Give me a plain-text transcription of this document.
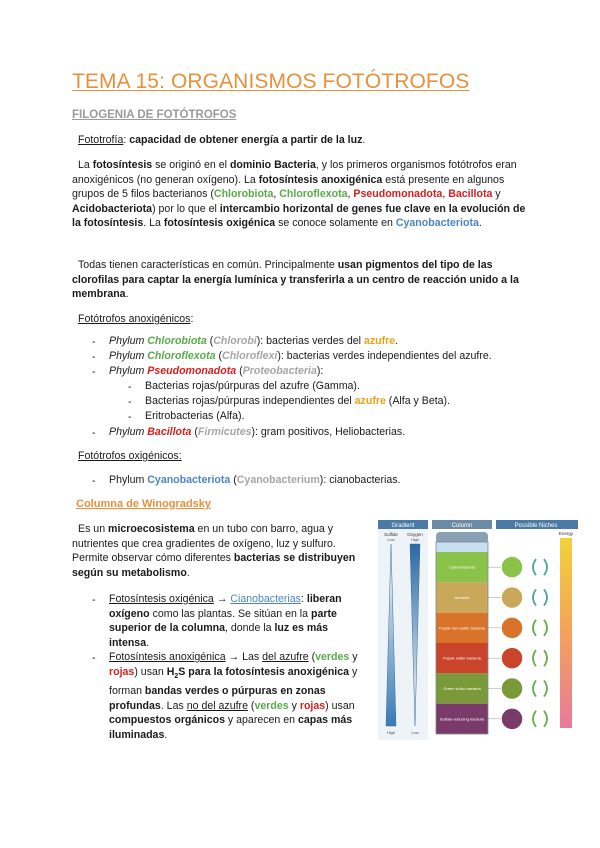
TEMA 15: ORGANISMOS FOTÓTROFOS
FILOGENIA DE FOTÓTROFOS

Fototrofía: capacidad de obtener energía a partir de la luz.

La fotosíntesis se originó en el dominio Bacteria, y los primeros organismos fotótrofos eran anoxigénicos (no generan oxígeno). La fotosíntesis anoxigénica está presente en algunos grupos de 5 filos bacterianos (Chlorobiota, Chloroflexota, Pseudomonadota, Bacillota y Acidobacteriota) por lo que el intercambio horizontal de genes fue clave en la evolución de la fotosíntesis. La fotosíntesis oxigénica se conoce solamente en Cyanobacteriota.

Todas tienen características en común. Principalmente usan pigmentos del tipo de las clorofilas para captar la energía lumínica y transferirla a un centro de reacción unido a la membrana.

Fotótrofos anoxigénicos:

- Phylum Chlorobiota (Chlorobi): bacterias verdes del azufre.

- Phylum Chloroflexota (Chloroflexi): bacterias verdes independientes del azufre.

- Phylum Pseudomonadota (Proteobacteria):

- Bacterias rojas/púrpuras del azufre (Gamma).

- Bacterias rojas/púrpuras independientes del azufre (Alfa y Beta).

- Eritrobacterias (Alfa).

- Phylum Bacillota (Firmicutes): gram positivos, Heliobacterias.

Fotótrofos oxigénicos:

- Phylum Cyanobacteriota (Cyanobacterium): cianobacterias.

Columna de Winogradsky

Es un microecosistema en un tubo con barro, agua y nutrientes que crea gradientes de oxígeno, luz y sulfuro. Permite observar cómo diferentes bacterias se distribuyen según su metabolismo.

- Fotosíntesis oxigénica → Cianobacterias: liberan oxígeno como las plantas. Se sitúan en la parte superior de la columna, donde la luz es más intensa.

- Fotosíntesis anoxigénica → Las del azufre (verdes y rojas) usan $H_2S$ para la fotosíntesis anoxigénica y forman bandas verdes o púrpuras en zonas profundas. Las no del azufre (verdes y rojas) usan compuestos orgánicos y aparecen en capas más iluminadas.

Gradient
Sulfide Oxygen
High	Low
Low	High
Column
Cyanobacteria
Aerobes
Purple non-sulfur bacteria
Purple sulfur bacteria
Green sulfur bacteria
Sulfate-reducing bacteria
Possible Niches
Energy
